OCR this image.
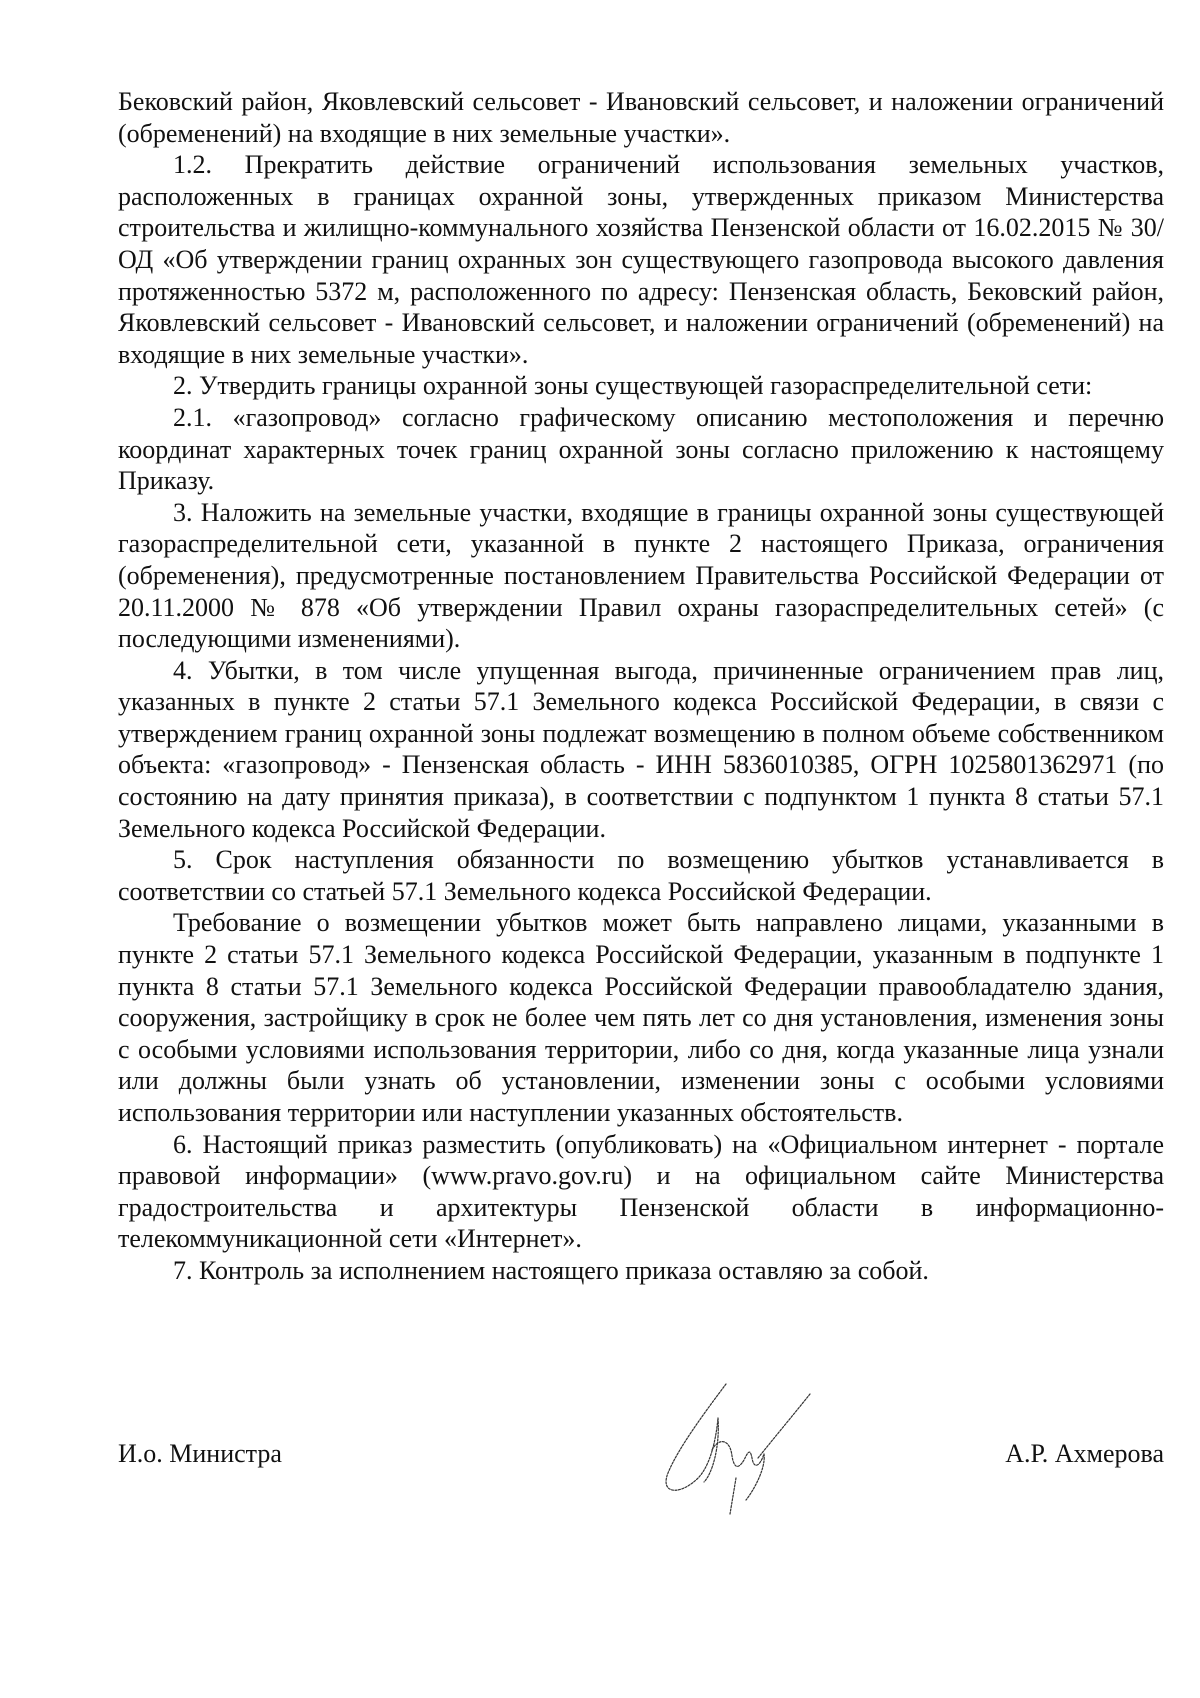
Бековский район, Яковлевский сельсовет - Ивановский сельсовет, и наложении ограничений (обременений) на входящие в них земельные участки».

1.2. Прекратить действие ограничений использования земельных участков, расположенных в границах охранной зоны, утвержденных приказом Министерства строительства и жилищно-коммунального хозяйства Пензенской области от 16.02.2015 № 30/ОД «Об утверждении границ охранных зон существующего газопровода высокого давления протяженностью 5372 м, расположенного по адресу: Пензенская область, Бековский район, Яковлевский сельсовет - Ивановский сельсовет, и наложении ограничений (обременений) на входящие в них земельные участки».

2. Утвердить границы охранной зоны существующей газораспределительной сети:

2.1. «газопровод» согласно графическому описанию местоположения и перечню координат характерных точек границ охранной зоны согласно приложению к настоящему Приказу.

3. Наложить на земельные участки, входящие в границы охранной зоны существующей газораспределительной сети, указанной в пункте 2 настоящего Приказа, ограничения (обременения), предусмотренные постановлением Правительства Российской Федерации от 20.11.2000 № 878 «Об утверждении Правил охраны газораспределительных сетей» (с последующими изменениями).

4. Убытки, в том числе упущенная выгода, причиненные ограничением прав лиц, указанных в пункте 2 статьи 57.1 Земельного кодекса Российской Федерации, в связи с утверждением границ охранной зоны подлежат возмещению в полном объеме собственником объекта: «газопровод» - Пензенская область - ИНН 5836010385, ОГРН 1025801362971 (по состоянию на дату принятия приказа), в соответствии с подпунктом 1 пункта 8 статьи 57.1 Земельного кодекса Российской Федерации.

5. Срок наступления обязанности по возмещению убытков устанавливается в соответствии со статьей 57.1 Земельного кодекса Российской Федерации.

Требование о возмещении убытков может быть направлено лицами, указанными в пункте 2 статьи 57.1 Земельного кодекса Российской Федерации, указанным в подпункте 1 пункта 8 статьи 57.1 Земельного кодекса Российской Федерации правообладателю здания, сооружения, застройщику в срок не более чем пять лет со дня установления, изменения зоны с особыми условиями использования территории, либо со дня, когда указанные лица узнали или должны были узнать об установлении, изменении зоны с особыми условиями использования территории или наступлении указанных обстоятельств.

6. Настоящий приказ разместить (опубликовать) на «Официальном интернет - портале правовой информации» (www.pravo.gov.ru) и на официальном сайте Министерства градостроительства и архитектуры Пензенской области в информационно-телекоммуникационной сети «Интернет».

7. Контроль за исполнением настоящего приказа оставляю за собой.

И.о. Министра	А.Р. Ахмерова
